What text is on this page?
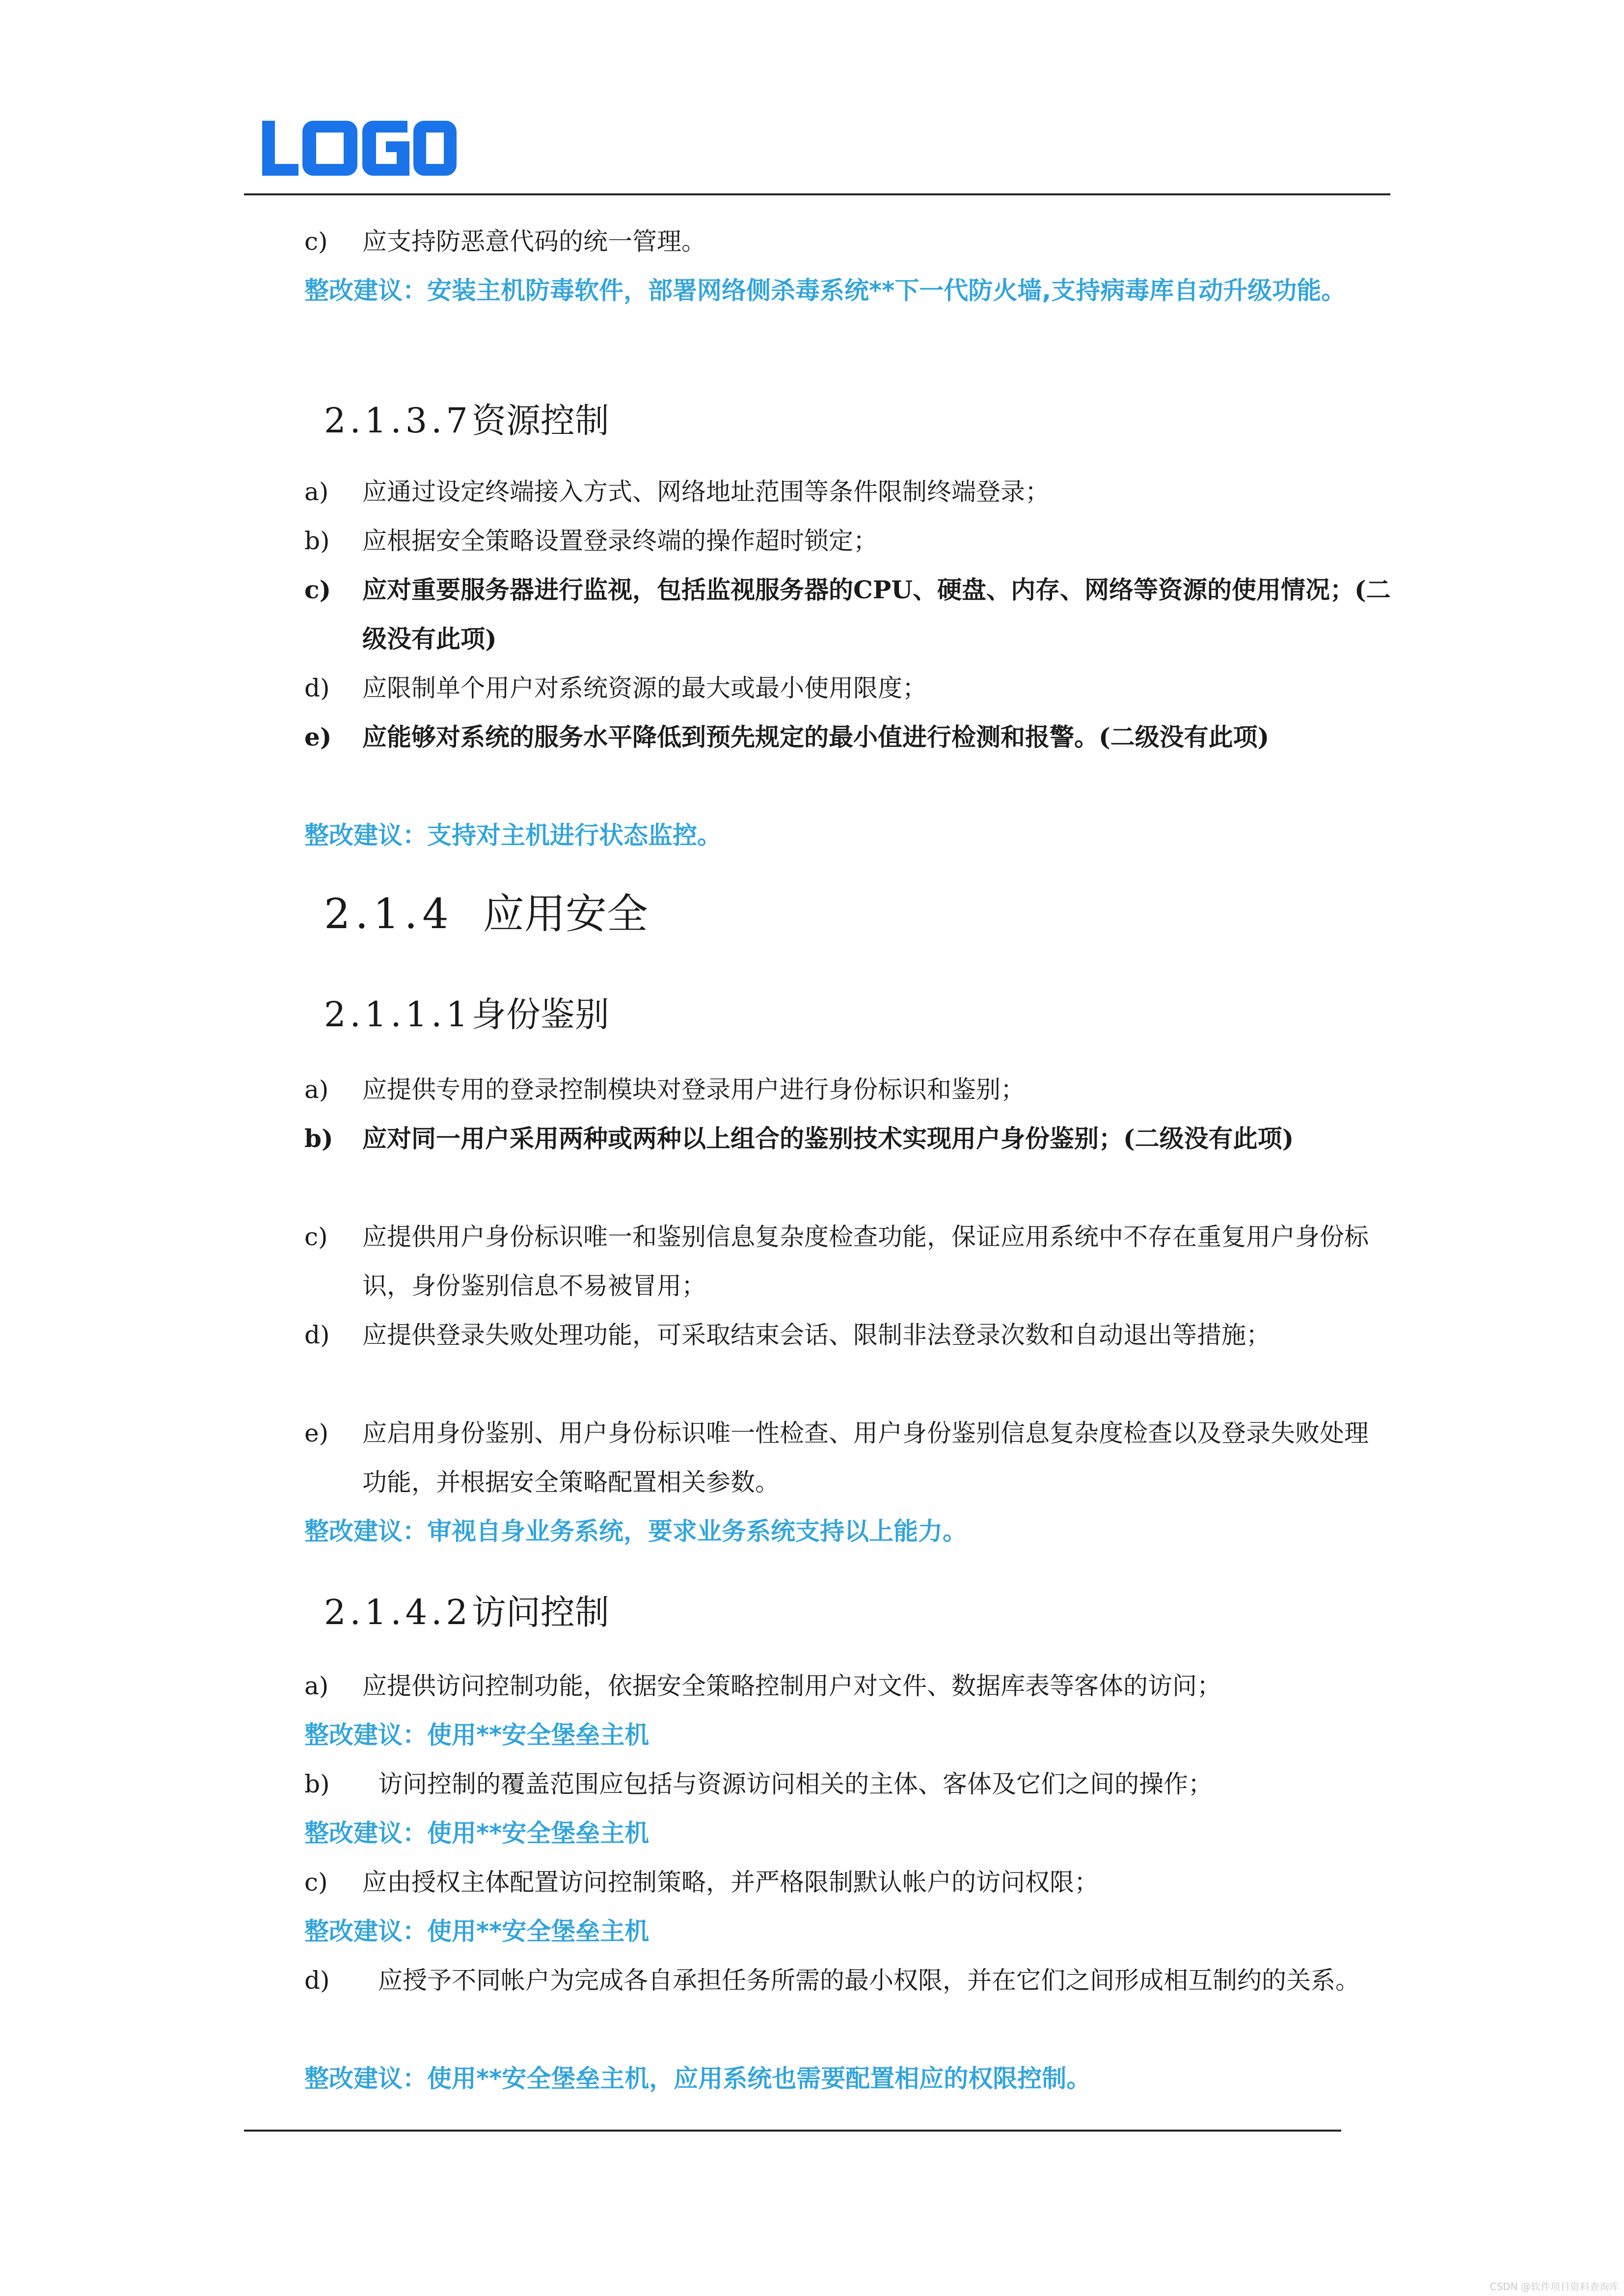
c)	应支持防恶意代码的统一管理。
整改建议：安装主机防毒软件，部署网络侧杀毒系统**下一代防火墙,支持病毒库自动升级功能。
2.1.3.7资源控制
a)	应通过设定终端接入方式、网络地址范围等条件限制终端登录；
b)	应根据安全策略设置登录终端的操作超时锁定；
c)	应对重要服务器进行监视，包括监视服务器的CPU、硬盘、内存、网络等资源的使用情况；(二级没有此项)
d)	应限制单个用户对系统资源的最大或最小使用限度；
e)	应能够对系统的服务水平降低到预先规定的最小值进行检测和报警。(二级没有此项)
整改建议：支持对主机进行状态监控。
2.1.4 应用安全
2.1.1.1身份鉴别
a)	应提供专用的登录控制模块对登录用户进行身份标识和鉴别；
b)	应对同一用户采用两种或两种以上组合的鉴别技术实现用户身份鉴别；(二级没有此项)
c)	应提供用户身份标识唯一和鉴别信息复杂度检查功能，保证应用系统中不存在重复用户身份标识，身份鉴别信息不易被冒用；
d)	应提供登录失败处理功能，可采取结束会话、限制非法登录次数和自动退出等措施；
e)	应启用身份鉴别、用户身份标识唯一性检查、用户身份鉴别信息复杂度检查以及登录失败处理功能，并根据安全策略配置相关参数。
整改建议：审视自身业务系统，要求业务系统支持以上能力。
2.1.4.2访问控制
a)	应提供访问控制功能，依据安全策略控制用户对文件、数据库表等客体的访问；
整改建议：使用**安全堡垒主机
b)	访问控制的覆盖范围应包括与资源访问相关的主体、客体及它们之间的操作；
整改建议：使用**安全堡垒主机
c)	应由授权主体配置访问控制策略，并严格限制默认帐户的访问权限；
整改建议：使用**安全堡垒主机
d)	应授予不同帐户为完成各自承担任务所需的最小权限，并在它们之间形成相互制约的关系。
整改建议：使用**安全堡垒主机，应用系统也需要配置相应的权限控制。
CSDN @软件项目资料查询库
